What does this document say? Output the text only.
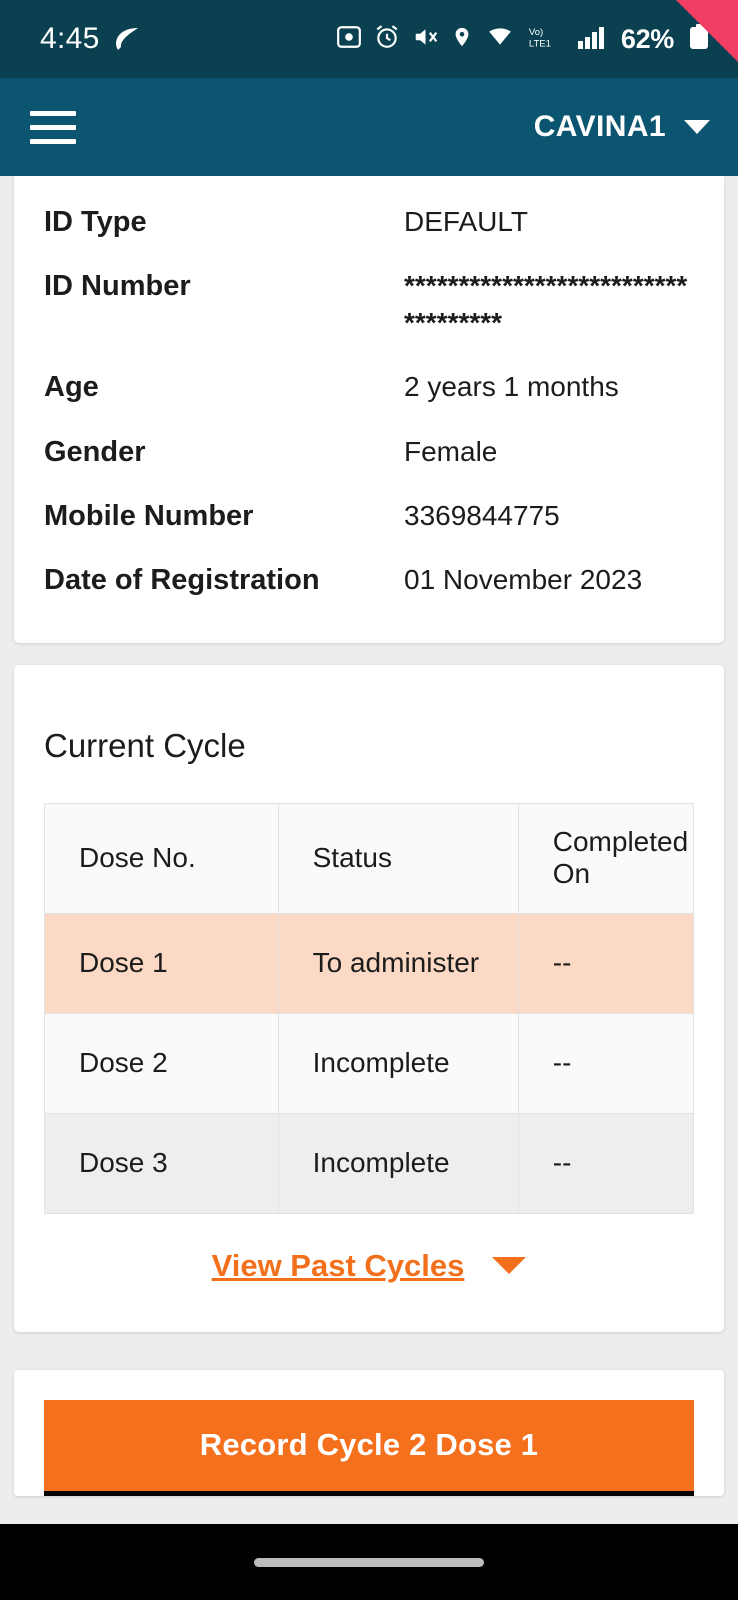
4:45	Vo)
LTE1	62%
CAVINA1
ID Type	DEFAULT
ID Number	***********************************
Age	2 years 1 months
Gender	Female
Mobile Number	3369844775
Date of Registration	01 November 2023
Current Cycle
Dose No.	Status	Completed On
Dose 1	To administer	--
Dose 2	Incomplete	--
Dose 3	Incomplete	--
View Past Cycles
Record Cycle 2 Dose 1
